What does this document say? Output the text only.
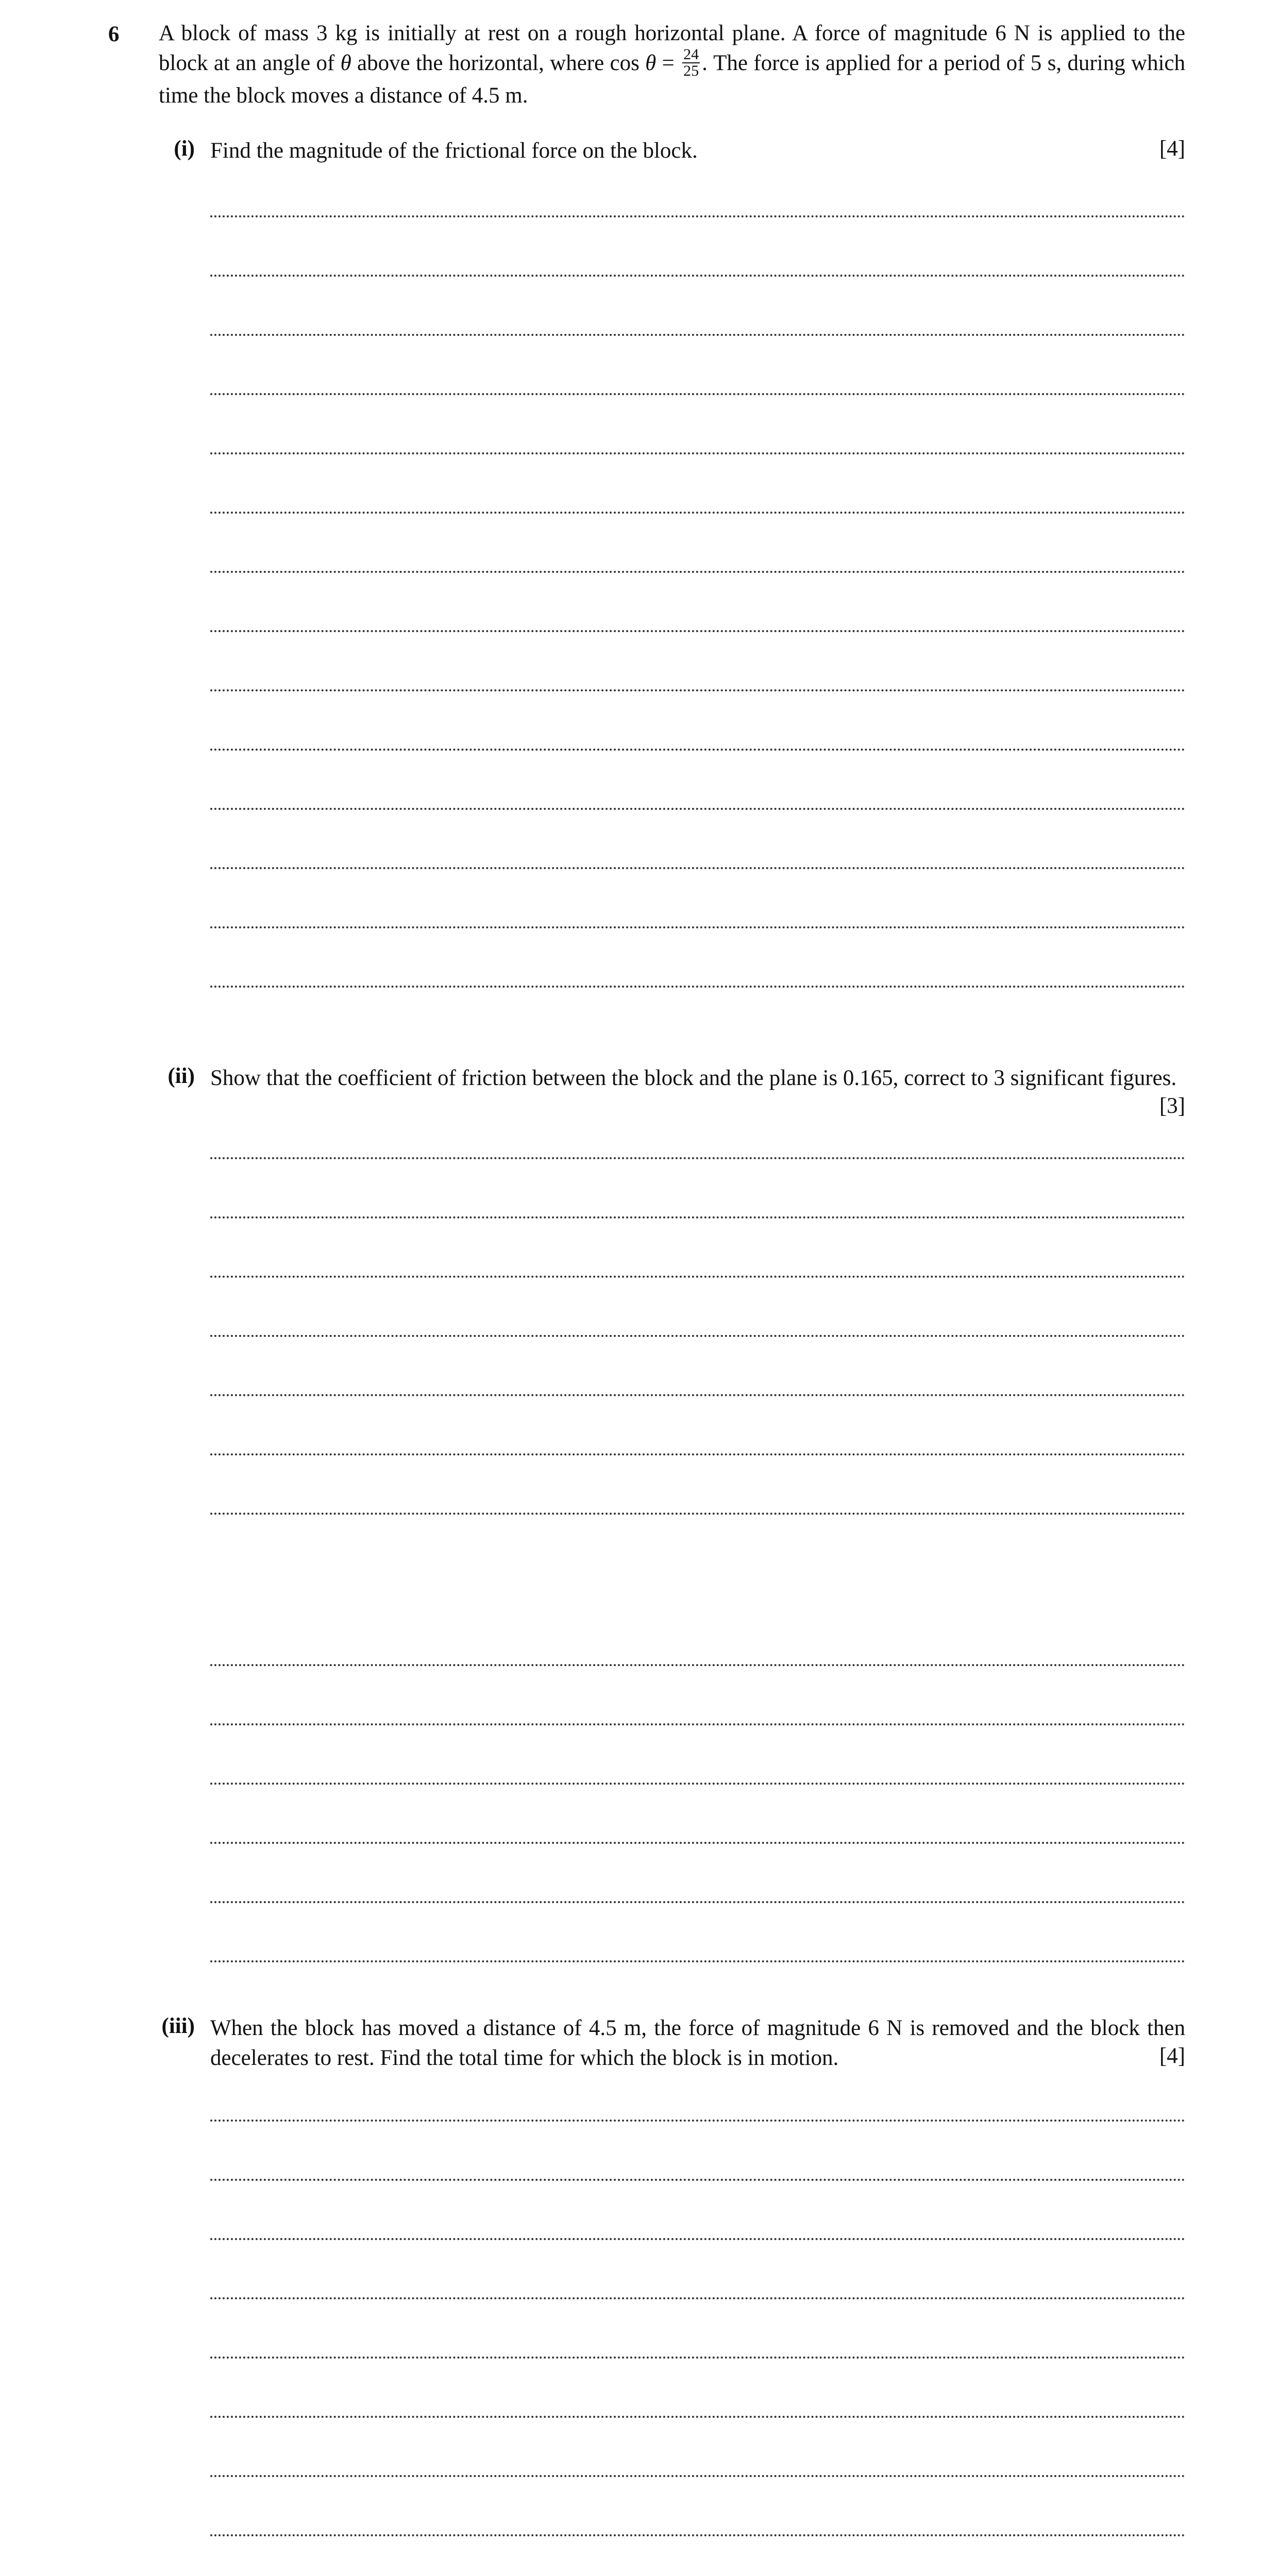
6 A block of mass 3 kg is initially at rest on a rough horizontal plane. A force of magnitude 6 N is applied to the block at an angle of θ above the horizontal, where $\cos \theta = \frac{24}{25}$ . The force is applied for a period of 5 s, during which time the block moves a distance of 4.5 m.
(i) Find the magnitude of the frictional force on the block.	[4]
(ii) Show that the coefficient of friction between the block and the plane is 0.165, correct to 3 significant figures.
[3]
(iii) When the block has moved a distance of 4.5 m, the force of magnitude 6 N is removed and the block then decelerates to rest. Find the total time for which the block is in motion.	[4]
